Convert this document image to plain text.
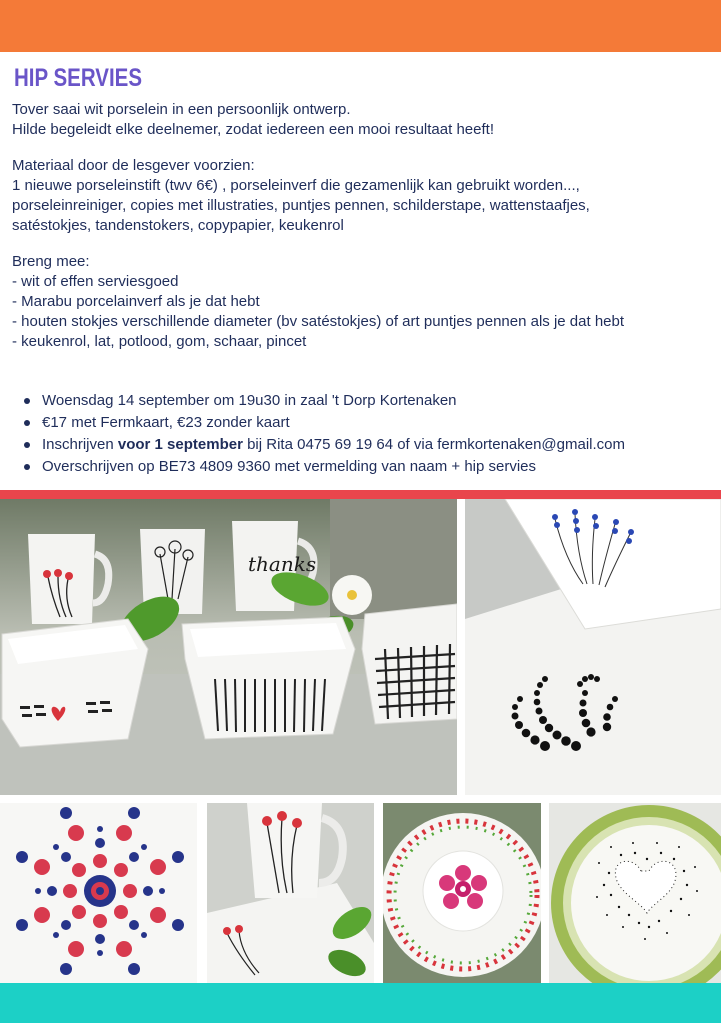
HIP SERVIES

Tover saai wit porselein in een persoonlijk ontwerp.

Hilde begeleidt elke deelnemer, zodat iedereen een mooi resultaat heeft!

Materiaal door de lesgever voorzien:

1 nieuwe porseleinstift (twv 6€) , porseleinverf die gezamenlijk kan gebruikt worden...,

porseleinreiniger, copies met illustraties, puntjes pennen, schilderstape, wattenstaafjes,

satéstokjes, tandenstokers, copypapier, keukenrol

Breng mee:

- wit of effen serviesgoed

- Marabu porcelainverf als je dat hebt

- houten stokjes verschillende diameter (bv satéstokjes) of art puntjes pennen als je dat hebt

- keukenrol, lat, potlood, gom, schaar, pincet

Woensdag 14 september om 19u30 in zaal 't Dorp Kortenaken
€17 met Fermkaart, €23 zonder kaart
Inschrijven voor 1 september bij Rita 0475 69 19 64 of via fermkortenaken@gmail.com
Overschrijven op BE73 4809 9360 met vermelding van naam + hip servies
thanks
